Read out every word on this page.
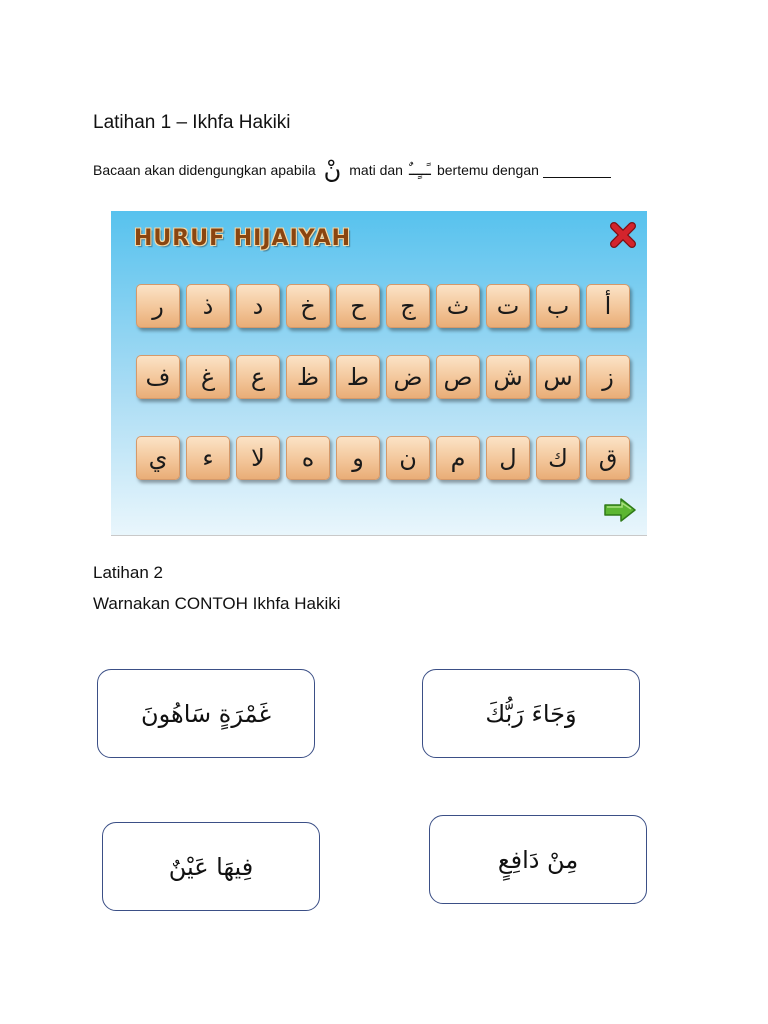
Latihan 1 – Ikhfa Hakiki
Bacaan akan didengungkan apabila نْ mati dan ـًــٍــٌ bertemu dengan
HURUF HIJAIYAH
أ
ب
ت
ث
ج
ح
خ
د
ذ
ر
ز
س
ش
ص
ض
ط
ظ
ع
غ
ف
ق
ك
ل
م
ن
و
ه
لا
ء
ي
Latihan 2
Warnakan CONTOH Ikhfa Hakiki
غَمْرَةٍ سَاهُونَ	وَجَاءَ رَبُّكَ
فِيهَا عَيْنٌ	مِنْ دَافِعٍ
